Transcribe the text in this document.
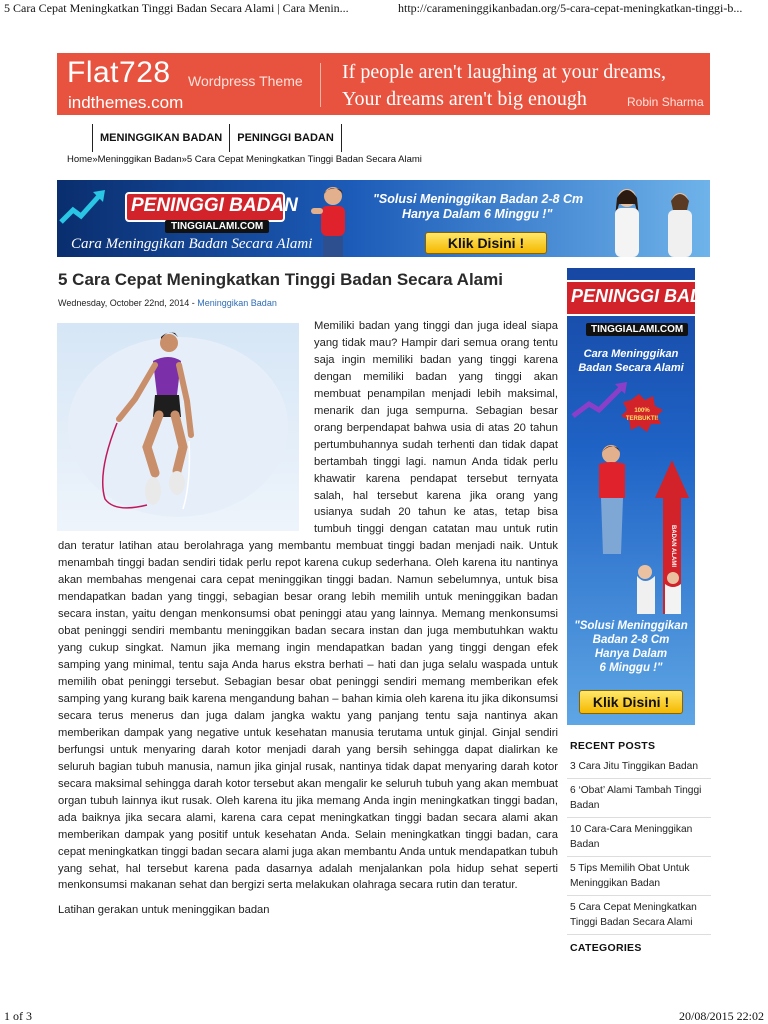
5 Cara Cepat Meningkatkan Tinggi Badan Secara Alami | Cara Menin...	http://carameninggikanbadan.org/5-cara-cepat-meningkatkan-tinggi-b...
Flat728 Wordpress Theme
indthemes.com
If people aren't laughing at your dreams,
Your dreams aren't big enough	Robin Sharma
MENINGGIKAN BADAN	PENINGGI BADAN
Home»Meninggikan Badan»5 Cara Cepat Meningkatkan Tinggi Badan Secara Alami
PENINGGI BADAN
TINGGIALAMI.COM
Cara Meninggikan Badan Secara Alami
"Solusi Meninggikan Badan 2-8 Cm
Hanya Dalam 6 Minggu !"
Klik Disini !
5 Cara Cepat Meningkatkan Tinggi Badan Secara Alami
Wednesday, October 22nd, 2014 - Meninggikan Badan

Memiliki badan yang tinggi dan juga ideal siapa yang tidak mau? Hampir dari semua orang tentu saja ingin memiliki badan yang tinggi karena dengan memiliki badan yang tinggi akan membuat penampilan menjadi lebih maksimal, menarik dan juga sempurna. Sebagian besar orang berpendapat bahwa usia di atas 20 tahun pertumbuhannya sudah terhenti dan tidak dapat bertambah tinggi lagi. namun Anda tidak perlu khawatir karena pendapat tersebut ternyata salah, hal tersebut karena jika orang yang usianya sudah 20 tahun ke atas, tetap bisa tumbuh tinggi dengan catatan mau untuk rutin dan teratur latihan atau berolahraga yang membantu membuat tinggi badan menjadi naik. Untuk menambah tinggi badan sendiri tidak perlu repot karena cukup sederhana. Oleh karena itu nantinya akan membahas mengenai cara cepat meninggikan tinggi badan. Namun sebelumnya, untuk bisa mendapatkan badan yang tinggi, sebagian besar orang lebih memilih untuk meninggikan badan secara instan, yaitu dengan menkonsumsi obat peninggi atau yang lainnya. Memang menkonsumsi obat peninggi sendiri membantu meninggikan badan secara instan dan juga membutuhkan waktu yang cukup singkat. Namun jika memang ingin mendapatkan badan yang tinggi dengan efek samping yang minimal, tentu saja Anda harus ekstra berhati – hati dan juga selalu waspada untuk memilih obat peninggi tersebut. Sebagian besar obat peninggi sendiri memang memberikan efek samping yang kurang baik karena mengandung bahan – bahan kimia oleh karena itu jika dikonsumsi secara terus menerus dan juga dalam jangka waktu yang panjang tentu saja nantinya akan memberikan dampak yang negative untuk kesehatan manusia terutama untuk ginjal. Ginjal sendiri berfungsi untuk menyaring darah kotor menjadi darah yang bersih sehingga dapat dialirkan ke seluruh bagian tubuh manusia, namun jika ginjal rusak, nantinya tidak dapat menyaring darah kotor secara maksimal sehingga darah kotor tersebut akan mengalir ke seluruh tubuh yang akan membuat organ tubuh lainnya ikut rusak. Oleh karena itu jika memang Anda ingin meningkatkan tinggi badan, ada baiknya jika secara alami, karena cara cepat meningkatkan tinggi badan secara alami akan memberikan dampak yang positif untuk kesehatan Anda. Selain meningkatkan tinggi badan, cara cepat meningkatkan tinggi badan secara alami juga akan membantu Anda untuk mendapatkan tubuh yang sehat, hal tersebut karena pada dasarnya adalah menjalankan pola hidup sehat seperti menkonsumsi makanan sehat dan bergizi serta melakukan olahraga secara rutin dan teratur.

Latihan gerakan untuk meninggikan badan

PENINGGI BADAN
TINGGIALAMI.COM
Cara Meninggikan
Badan Secara Alami
100%
TERBUKTI!
BADAN ALAMI
"Solusi Meninggikan
Badan 2-8 Cm
Hanya Dalam
6 Minggu !"
Klik Disini !
RECENT POSTS
3 Cara Jitu Tinggikan Badan
6 ‘Obat’ Alami Tambah Tinggi Badan
10 Cara-Cara Meninggikan Badan
5 Tips Memilih Obat Untuk Meninggikan Badan
5 Cara Cepat Meningkatkan Tinggi Badan Secara Alami
CATEGORIES
1 of 3	20/08/2015 22:02
